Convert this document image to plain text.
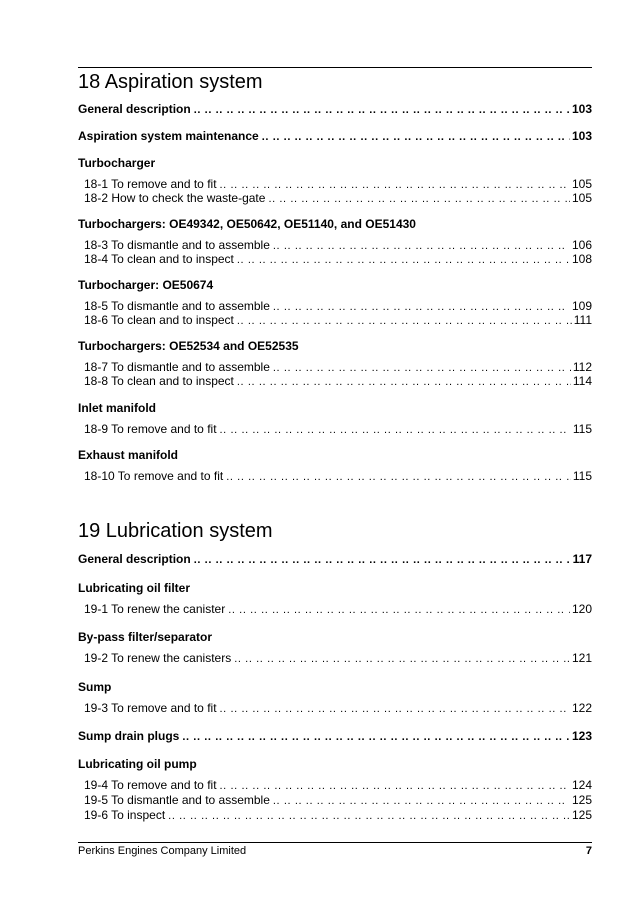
18 Aspiration system
General description .. ..	103
Aspiration system maintenance .. ..	103
Turbocharger
18-1 To remove and to fit .. ..	105
18-2 How to check the waste-gate .. ..	105
Turbochargers: OE49342, OE50642, OE51140, and OE51430
18-3 To dismantle and to assemble .. ..	106
18-4 To clean and to inspect .. ..	108
Turbocharger: OE50674
18-5 To dismantle and to assemble .. ..	109
18-6 To clean and to inspect .. ..	111
Turbochargers: OE52534 and OE52535
18-7 To dismantle and to assemble .. ..	112
18-8 To clean and to inspect .. ..	114
Inlet manifold
18-9 To remove and to fit .. ..	115
Exhaust manifold
18-10 To remove and to fit .. ..	115
19 Lubrication system
General description .. ..	117
Lubricating oil filter
19-1 To renew the canister .. ..	120
By-pass filter/separator
19-2 To renew the canisters .. ..	121
Sump
19-3 To remove and to fit .. ..	122
Sump drain plugs .. ..	123
Lubricating oil pump
19-4 To remove and to fit .. ..	124
19-5 To dismantle and to assemble .. ..	125
19-6 To inspect .. ..	125
Perkins Engines Company Limited	7
